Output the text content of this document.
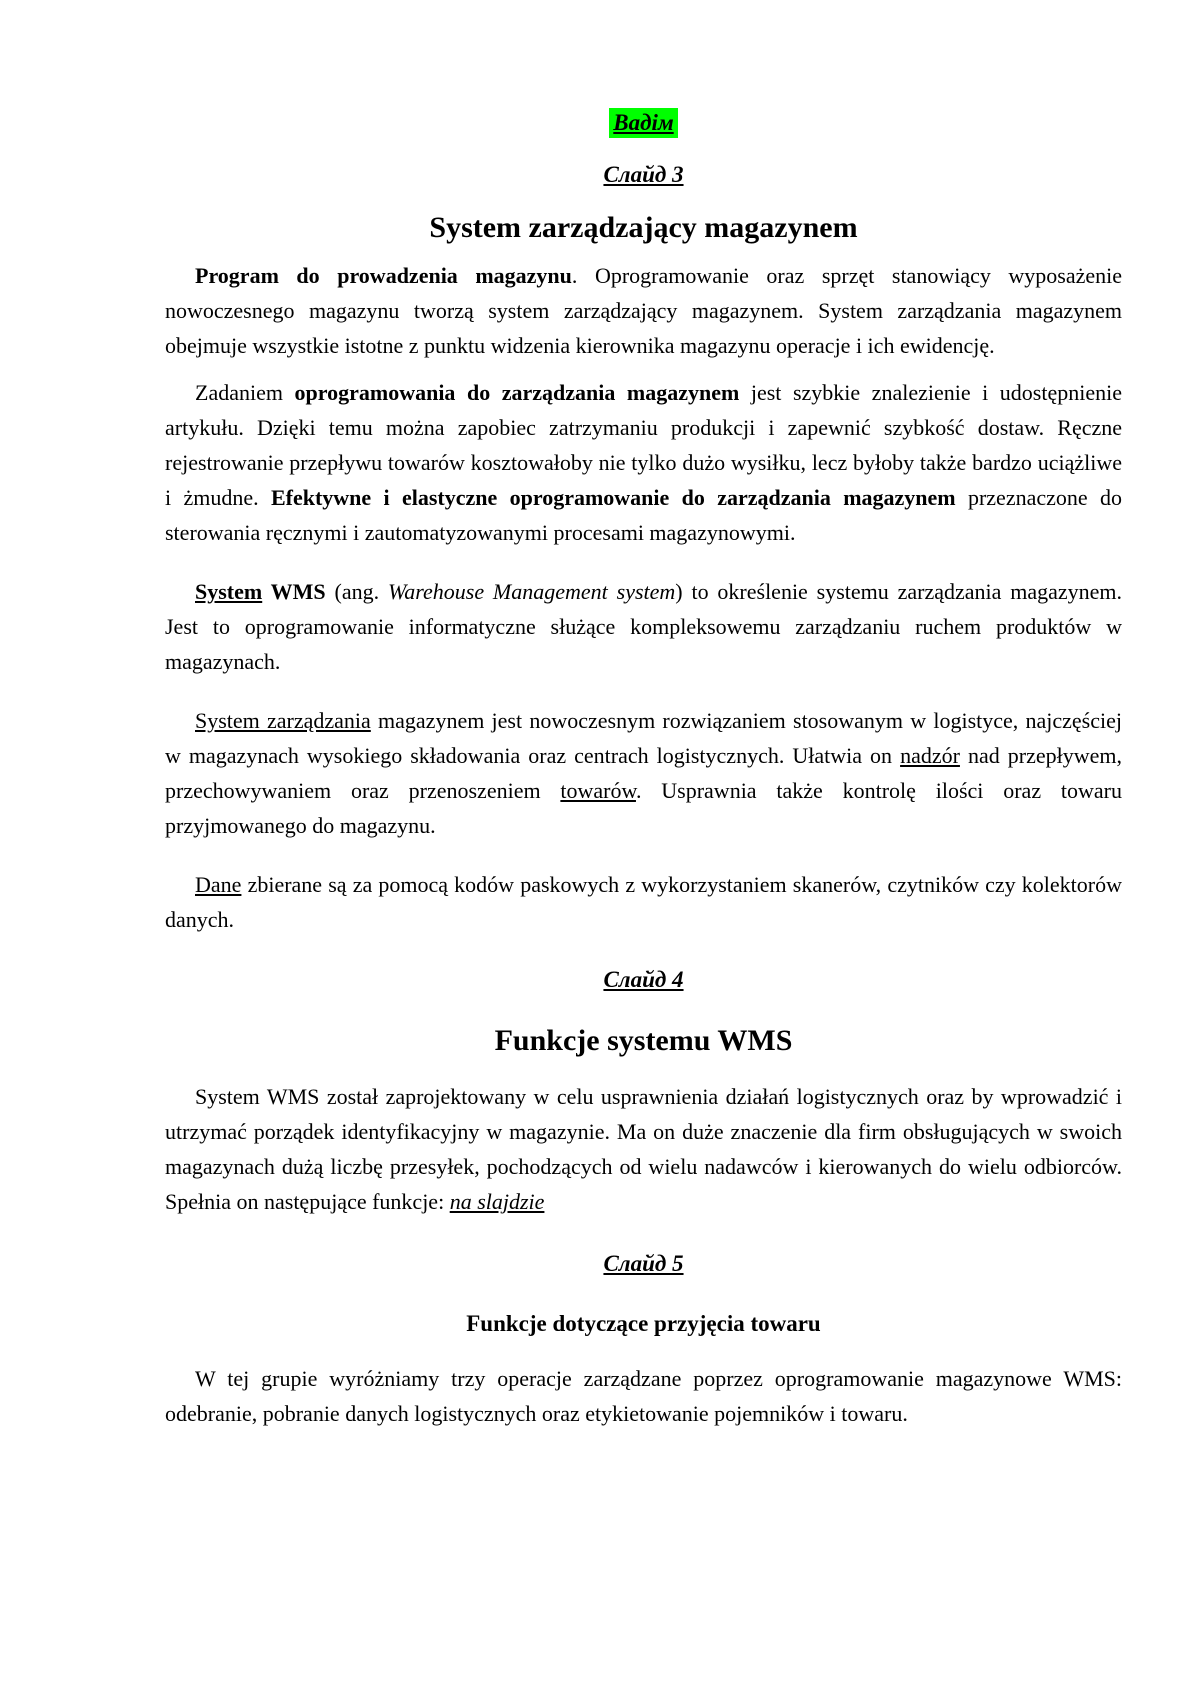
Вадім
Слайд 3
System zarządzający magazynem

Program do prowadzenia magazynu. Oprogramowanie oraz sprzęt stanowiący wyposażenie nowoczesnego magazynu tworzą system zarządzający magazynem. System zarządzania magazynem obejmuje wszystkie istotne z punktu widzenia kierownika magazynu operacje i ich ewidencję.

Zadaniem oprogramowania do zarządzania magazynem jest szybkie znalezienie i udostępnienie artykułu. Dzięki temu można zapobiec zatrzymaniu produkcji i zapewnić szybkość dostaw. Ręczne rejestrowanie przepływu towarów kosztowałoby nie tylko dużo wysiłku, lecz byłoby także bardzo uciążliwe i żmudne. Efektywne i elastyczne oprogramowanie do zarządzania magazynem przeznaczone do sterowania ręcznymi i zautomatyzowanymi procesami magazynowymi.

System WMS (ang. Warehouse Management system) to określenie systemu zarządzania magazynem. Jest to oprogramowanie informatyczne służące kompleksowemu zarządzaniu ruchem produktów w magazynach.

System zarządzania magazynem jest nowoczesnym rozwiązaniem stosowanym w logistyce, najczęściej w magazynach wysokiego składowania oraz centrach logistycznych. Ułatwia on nadzór nad przepływem, przechowywaniem oraz przenoszeniem towarów. Usprawnia także kontrolę ilości oraz towaru przyjmowanego do magazynu.

Dane zbierane są za pomocą kodów paskowych z wykorzystaniem skanerów, czytników czy kolektorów danych.

Слайд 4
Funkcje systemu WMS

System WMS został zaprojektowany w celu usprawnienia działań logistycznych oraz by wprowadzić i utrzymać porządek identyfikacyjny w magazynie. Ma on duże znaczenie dla firm obsługujących w swoich magazynach dużą liczbę przesyłek, pochodzących od wielu nadawców i kierowanych do wielu odbiorców. Spełnia on następujące funkcje: na slajdzie

Слайд 5
Funkcje dotyczące przyjęcia towaru

W tej grupie wyróżniamy trzy operacje zarządzane poprzez oprogramowanie magazynowe WMS: odebranie, pobranie danych logistycznych oraz etykietowanie pojemników i towaru.
